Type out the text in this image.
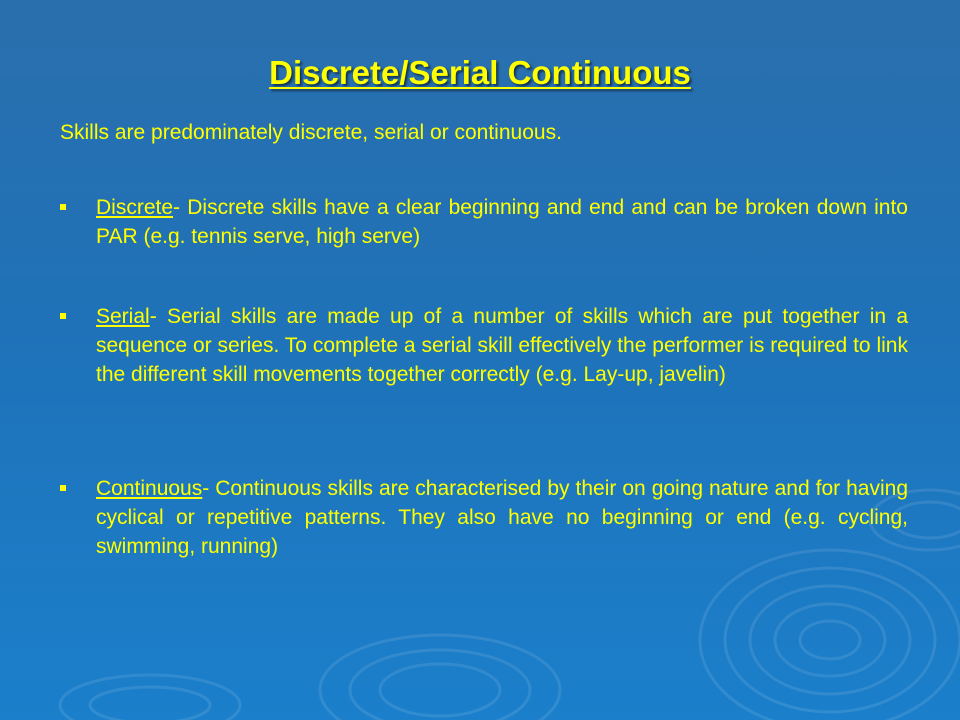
Discrete/Serial Continuous
Skills are predominately discrete, serial or continuous.
Discrete- Discrete skills have a clear beginning and end and can be broken down into PAR (e.g. tennis serve, high serve)
Serial- Serial skills are made up of a number of skills which are put together in a sequence or series. To complete a serial skill effectively the performer is required to link the different skill movements together correctly (e.g. Lay-up, javelin)
Continuous- Continuous skills are characterised by their on going nature and for having cyclical or repetitive patterns. They also have no beginning or end (e.g. cycling, swimming, running)
